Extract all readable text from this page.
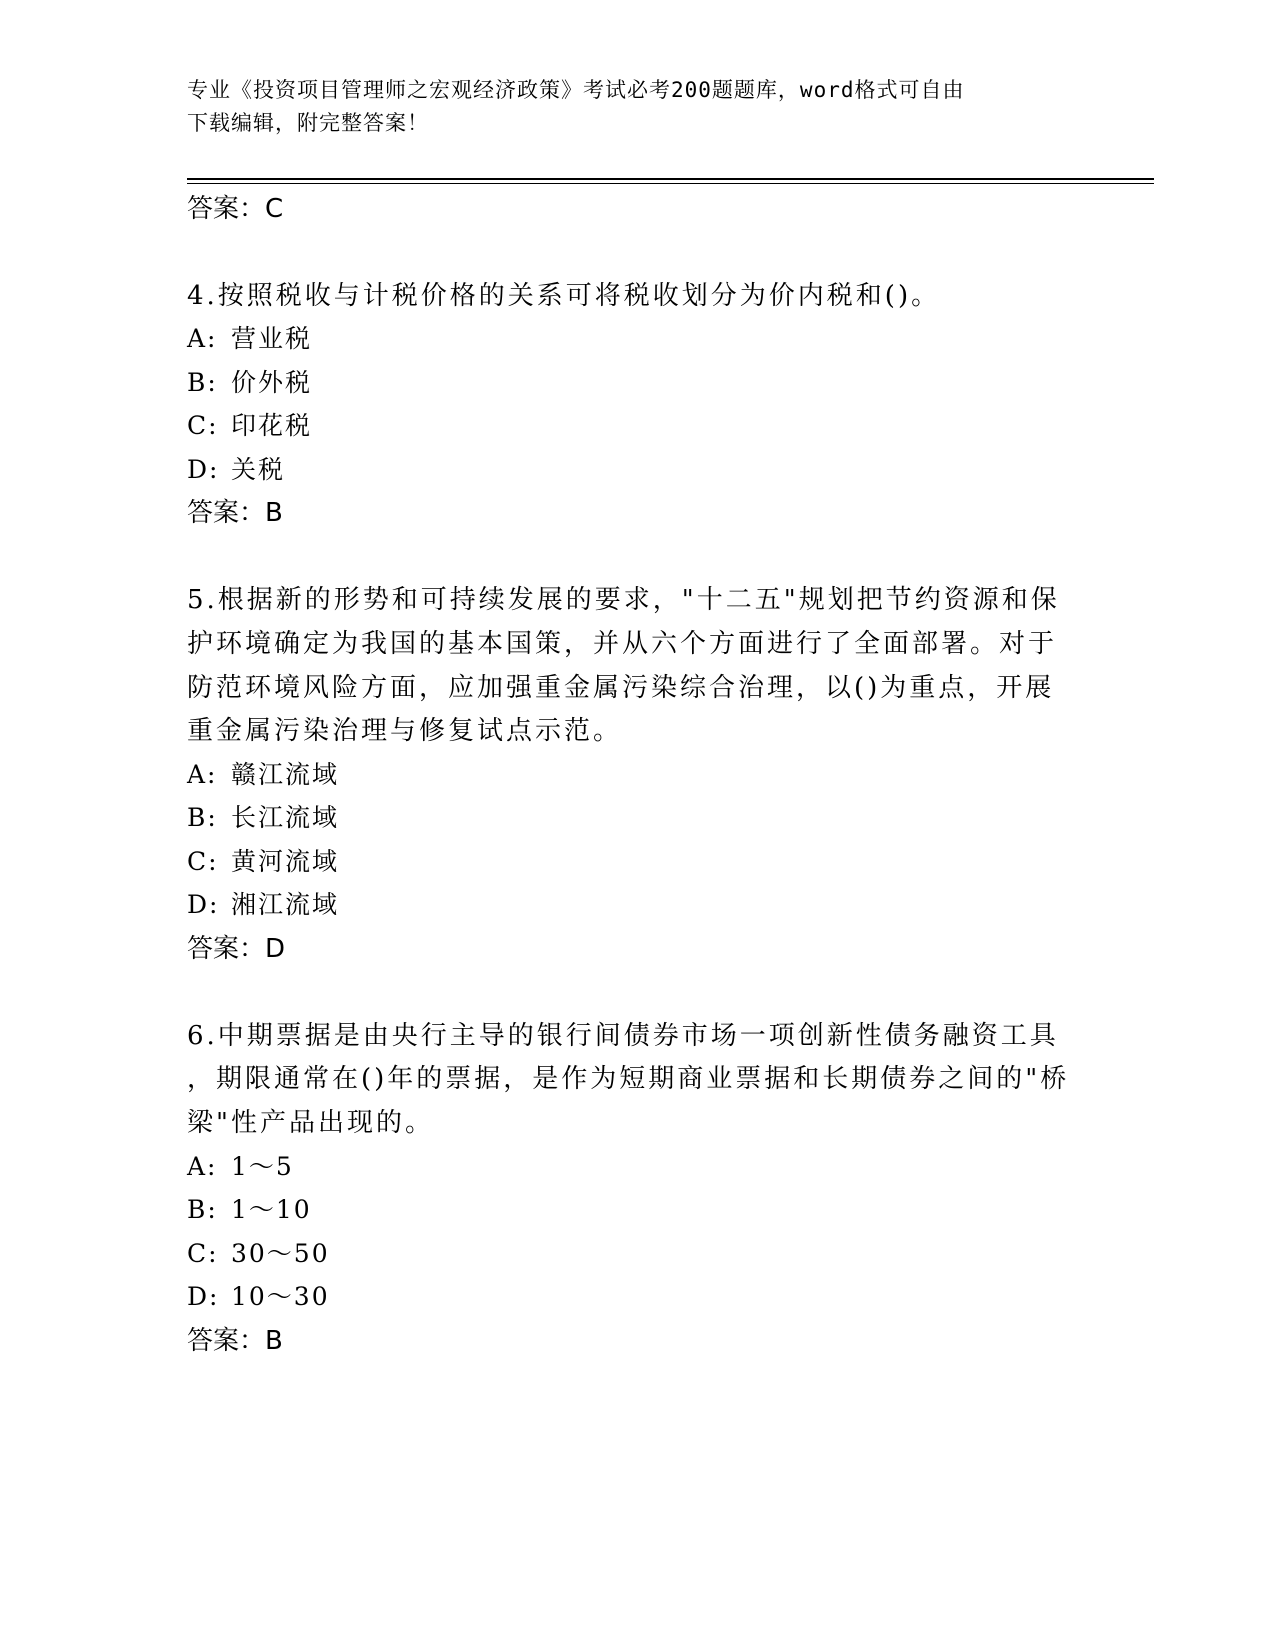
专业《投资项目管理师之宏观经济政策》考试必考200题题库，word格式可自由
下载编辑，附完整答案！
答案：C
4.按照税收与计税价格的关系可将税收划分为价内税和()。
A: 营业税
B: 价外税
C: 印花税
D: 关税
答案：B
5.根据新的形势和可持续发展的要求，"十二五"规划把节约资源和保
护环境确定为我国的基本国策，并从六个方面进行了全面部署。对于
防范环境风险方面，应加强重金属污染综合治理，以()为重点，开展
重金属污染治理与修复试点示范。
A: 赣江流域
B: 长江流域
C: 黄河流域
D: 湘江流域
答案：D
6.中期票据是由央行主导的银行间债券市场一项创新性债务融资工具
，期限通常在()年的票据，是作为短期商业票据和长期债券之间的"桥
梁"性产品出现的。
A: 1～5
B: 1～10
C: 30～50
D: 10～30
答案：B
